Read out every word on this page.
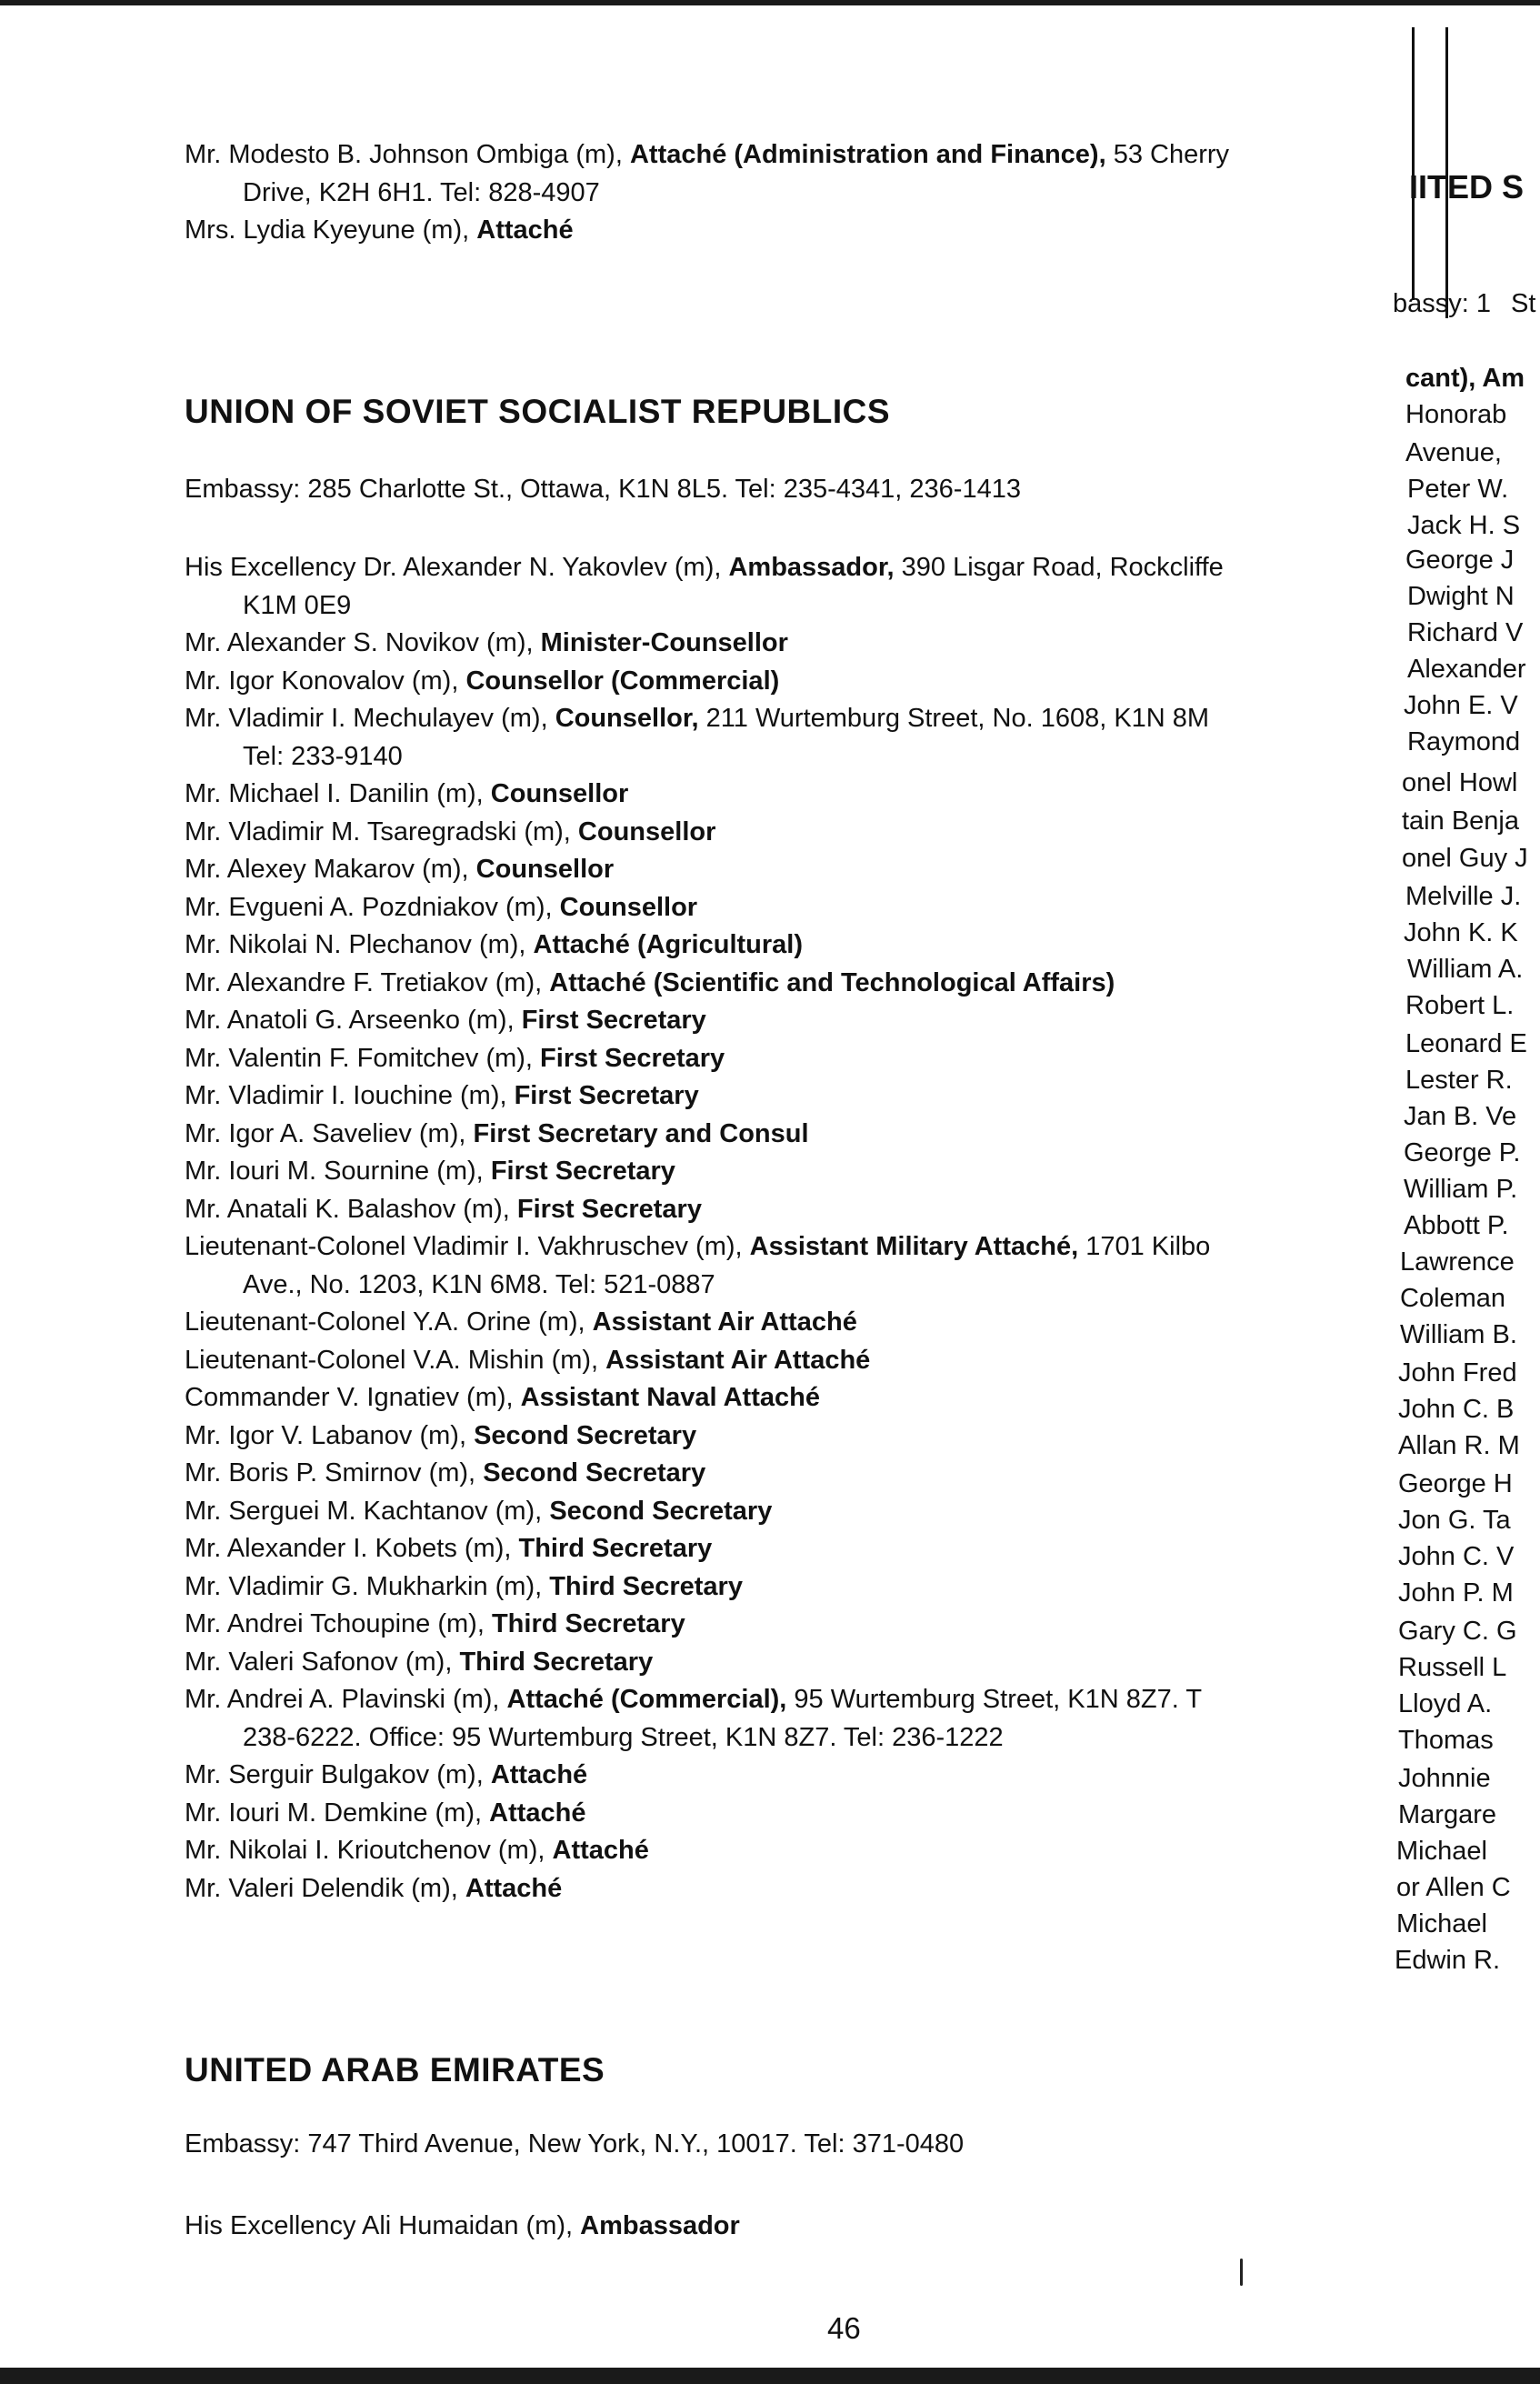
Mr. Modesto B. Johnson Ombiga (m), Attaché (Administration and Finance), 53 Cherry
Drive, K2H 6H1. Tel: 828-4907
Mrs. Lydia Kyeyune (m), Attaché
UNION OF SOVIET SOCIALIST REPUBLICS
Embassy: 285 Charlotte St., Ottawa, K1N 8L5. Tel: 235-4341, 236-1413
His Excellency Dr. Alexander N. Yakovlev (m), Ambassador, 390 Lisgar Road, Rockcliffe
K1M 0E9
Mr. Alexander S. Novikov (m), Minister-Counsellor
Mr. Igor Konovalov (m), Counsellor (Commercial)
Mr. Vladimir I. Mechulayev (m), Counsellor, 211 Wurtemburg Street, No. 1608, K1N 8M
Tel: 233-9140
Mr. Michael I. Danilin (m), Counsellor
Mr. Vladimir M. Tsaregradski (m), Counsellor
Mr. Alexey Makarov (m), Counsellor
Mr. Evgueni A. Pozdniakov (m), Counsellor
Mr. Nikolai N. Plechanov (m), Attaché (Agricultural)
Mr. Alexandre F. Tretiakov (m), Attaché (Scientific and Technological Affairs)
Mr. Anatoli G. Arseenko (m), First Secretary
Mr. Valentin F. Fomitchev (m), First Secretary
Mr. Vladimir I. Iouchine (m), First Secretary
Mr. Igor A. Saveliev (m), First Secretary and Consul
Mr. Iouri M. Sournine (m), First Secretary
Mr. Anatali K. Balashov (m), First Secretary
Lieutenant-Colonel Vladimir I. Vakhruschev (m), Assistant Military Attaché, 1701 Kilbo
Ave., No. 1203, K1N 6M8. Tel: 521-0887
Lieutenant-Colonel Y.A. Orine (m), Assistant Air Attaché
Lieutenant-Colonel V.A. Mishin (m), Assistant Air Attaché
Commander V. Ignatiev (m), Assistant Naval Attaché
Mr. Igor V. Labanov (m), Second Secretary
Mr. Boris P. Smirnov (m), Second Secretary
Mr. Serguei M. Kachtanov (m), Second Secretary
Mr. Alexander I. Kobets (m), Third Secretary
Mr. Vladimir G. Mukharkin (m), Third Secretary
Mr. Andrei Tchoupine (m), Third Secretary
Mr. Valeri Safonov (m), Third Secretary
Mr. Andrei A. Plavinski (m), Attaché (Commercial), 95 Wurtemburg Street, K1N 8Z7. T
238-6222. Office: 95 Wurtemburg Street, K1N 8Z7. Tel: 236-1222
Mr. Serguir Bulgakov (m), Attaché
Mr. Iouri M. Demkine (m), Attaché
Mr. Nikolai I. Krioutchenov (m), Attaché
Mr. Valeri Delendik (m), Attaché
UNITED ARAB EMIRATES
Embassy: 747 Third Avenue, New York, N.Y., 10017. Tel: 371-0480
His Excellency Ali Humaidan (m), Ambassador
46
IITED S
bassy: 1 St
cant), Am
Honorab
Avenue,
Peter W.
Jack H. S
George J
Dwight N
Richard V
Alexander
John E. V
Raymond
onel Howl
tain Benja
onel Guy J
Melville J.
John K. K
William A.
Robert L.
Leonard E
Lester R.
Jan B. Ve
George P.
William P.
Abbott P.
Lawrence
Coleman
William B.
John Fred
John C. B
Allan R. M
George H
Jon G. Ta
John C. V
John P. M
Gary C. G
Russell L
Lloyd A.
Thomas
Johnnie
Margare
Michael
or Allen C
Michael
Edwin R.
